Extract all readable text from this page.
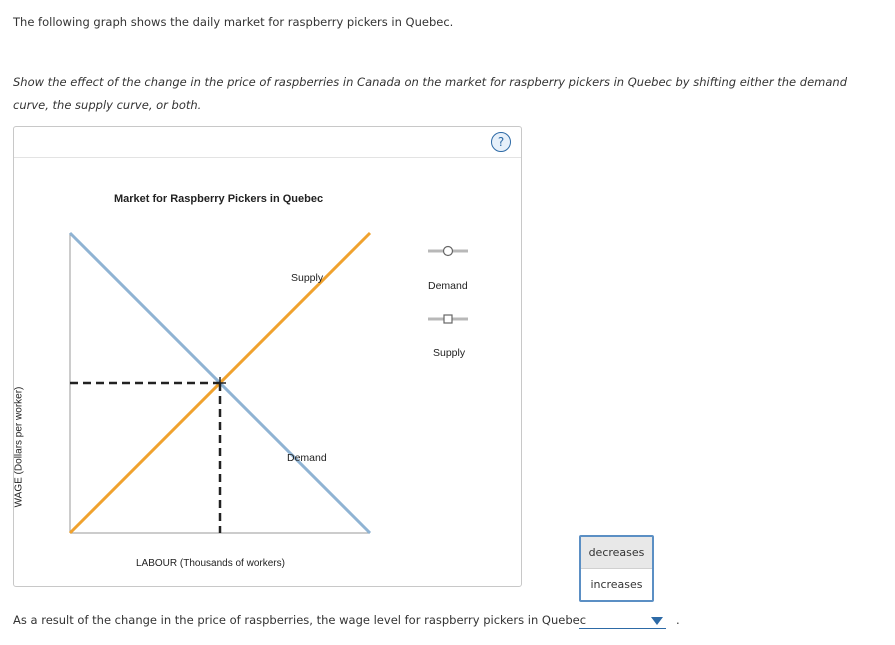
The following graph shows the daily market for raspberry pickers in Quebec.
Show the effect of the change in the price of raspberries in Canada on the market for raspberry pickers in Quebec by shifting either the demand curve, the supply curve, or both.
?
Market for Raspberry Pickers in Quebec
WAGE (Dollars per worker)
LABOUR (Thousands of workers)
Supply
Demand
Demand
Supply
decreases
increases
As a result of the change in the price of raspberries, the wage level for raspberry pickers in Quebec	.
